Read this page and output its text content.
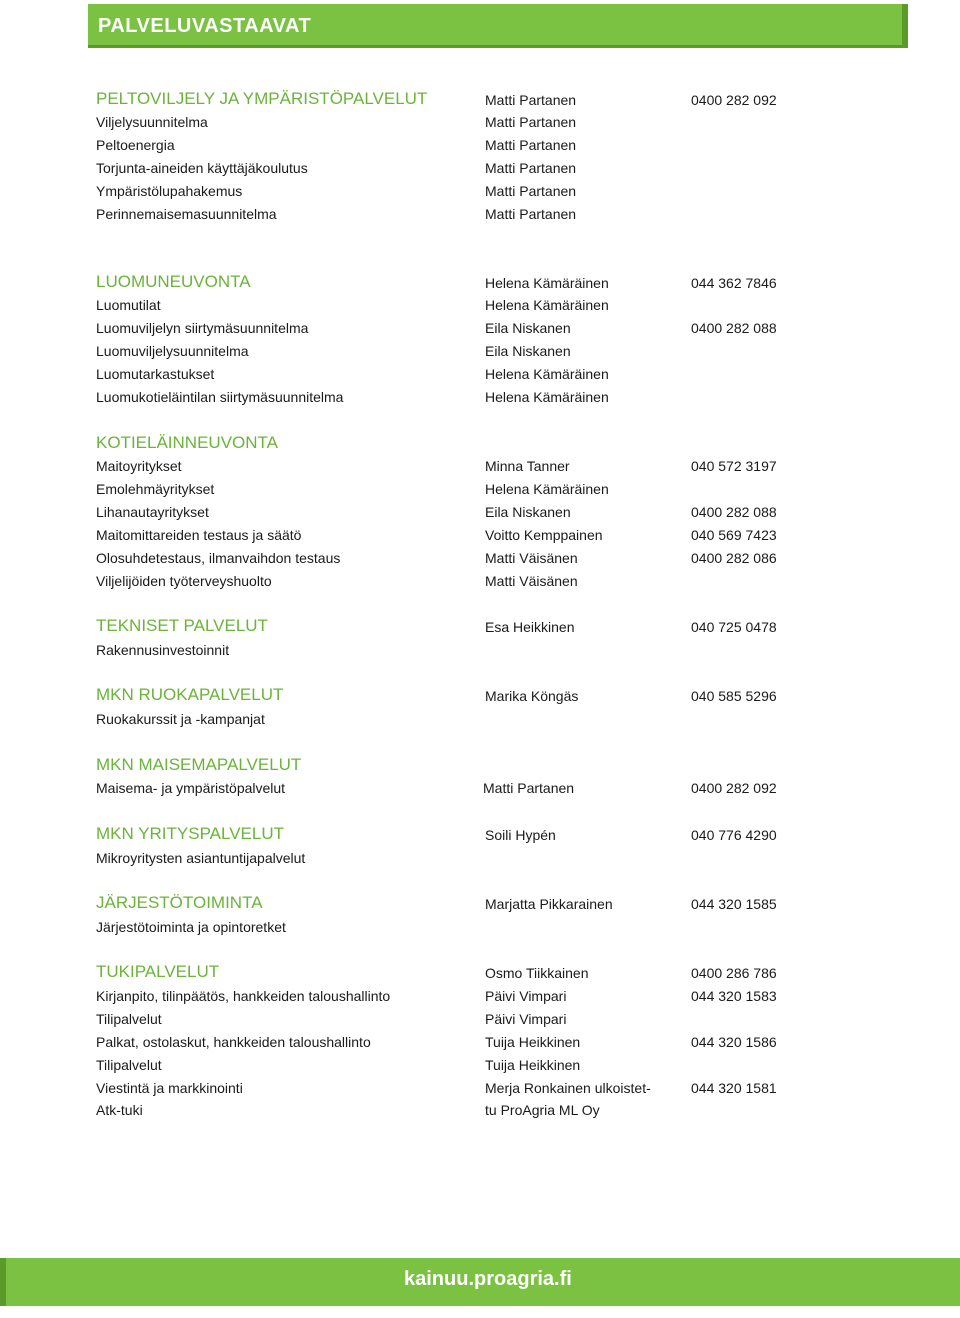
PALVELUVASTAAVAT
PELTOVILJELY JA YMPÄRISTÖPALVELUT	Matti Partanen	0400 282 092
Viljelysuunnitelma	Matti Partanen
Peltoenergia	Matti Partanen
Torjunta-aineiden käyttäjäkoulutus	Matti Partanen
Ympäristölupahakemus	Matti Partanen
Perinnemaisemasuunnitelma	Matti Partanen
LUOMUNEUVONTA	Helena Kämäräinen	044 362 7846
Luomutilat	Helena Kämäräinen
Luomuviljelyn siirtymäsuunnitelma	Eila Niskanen	0400 282 088
Luomuviljelysuunnitelma	Eila Niskanen
Luomutarkastukset	Helena Kämäräinen
Luomukotieläintilan siirtymäsuunnitelma	Helena Kämäräinen
KOTIELÄINNEUVONTA
Maitoyritykset	Minna Tanner	040 572 3197
Emolehmäyritykset	Helena Kämäräinen
Lihanautayritykset	Eila Niskanen	0400 282 088
Maitomittareiden testaus ja säätö	Voitto Kemppainen	040 569 7423
Olosuhdetestaus, ilmanvaihdon testaus	Matti Väisänen	0400 282 086
Viljelijöiden työterveyshuolto	Matti Väisänen
TEKNISET PALVELUT	Esa Heikkinen	040 725 0478
Rakennusinvestoinnit
MKN RUOKAPALVELUT	Marika Köngäs	040 585 5296
Ruokakurssit ja -kampanjat
MKN MAISEMAPALVELUT
Maisema- ja ympäristöpalvelut	Matti Partanen	0400 282 092
MKN YRITYSPALVELUT	Soili Hypén	040 776 4290
Mikroyritysten asiantuntijapalvelut
JÄRJESTÖTOIMINTA	Marjatta Pikkarainen	044 320 1585
Järjestötoiminta ja opintoretket
TUKIPALVELUT	Osmo Tiikkainen	0400 286 786
Kirjanpito, tilinpäätös, hankkeiden taloushallinto	Päivi Vimpari	044 320 1583
Tilipalvelut	Päivi Vimpari
Palkat, ostolaskut, hankkeiden taloushallinto	Tuija Heikkinen	044 320 1586
Tilipalvelut	Tuija Heikkinen
Viestintä ja markkinointi	Merja Ronkainen ulkoistet-	044 320 1581
Atk-tuki	tu ProAgria ML Oy
kainuu.proagria.fi
